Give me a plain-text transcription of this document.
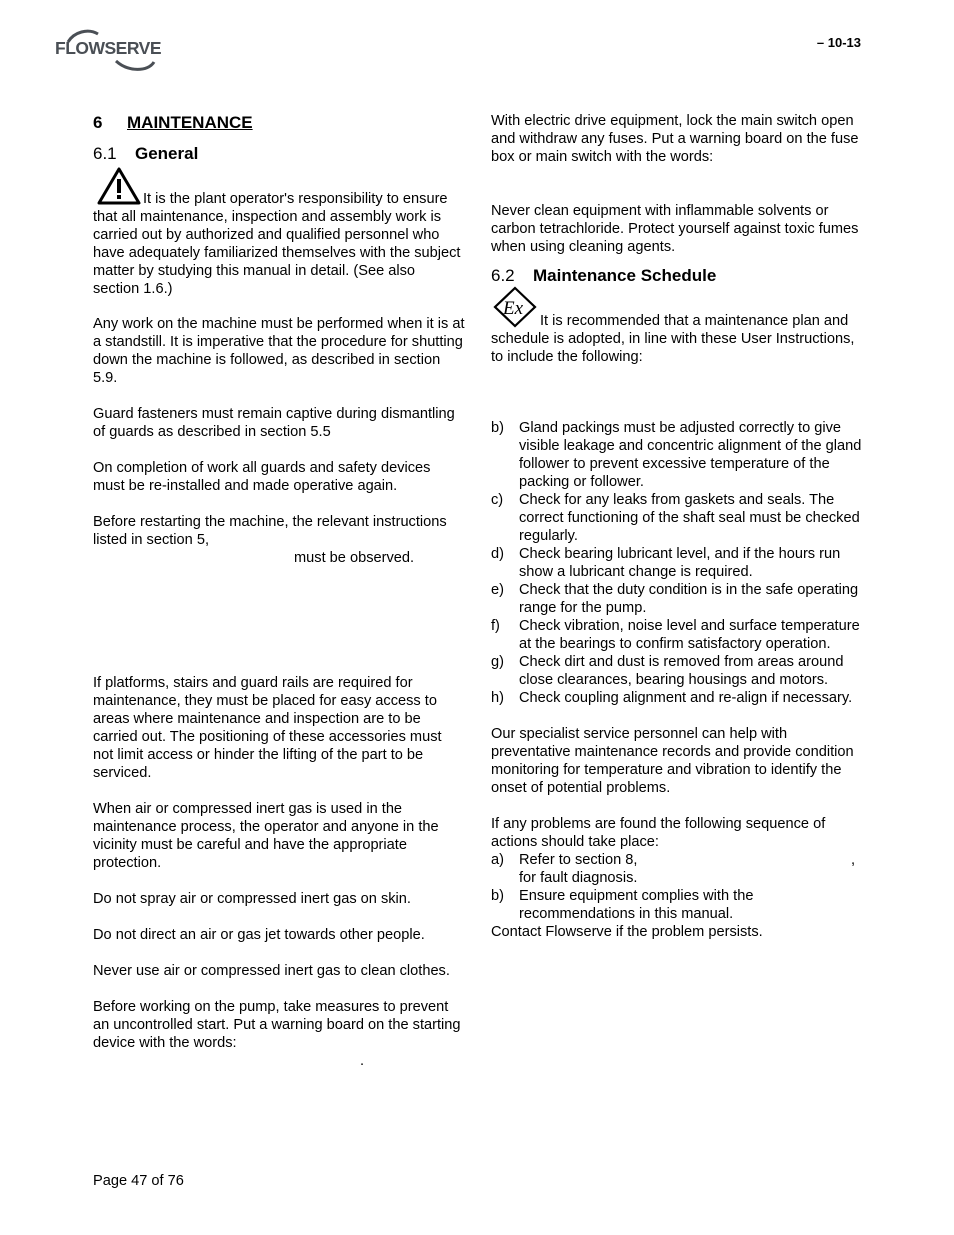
FLOWSERVE	– 10-13
6 MAINTENANCE
6.1 General

It is the plant operator's responsibility to ensure that all maintenance, inspection and assembly work is carried out by authorized and qualified personnel who have adequately familiarized themselves with the subject matter by studying this manual in detail. (See also section 1.6.)

Any work on the machine must be performed when it is at a standstill. It is imperative that the procedure for shutting down the machine is followed, as described in section 5.9.

Guard fasteners must remain captive during dismantling of guards as described in section 5.5

On completion of work all guards and safety devices must be re-installed and made operative again.

Before restarting the machine, the relevant instructions listed in section 5,

must be observed.

If platforms, stairs and guard rails are required for maintenance, they must be placed for easy access to areas where maintenance and inspection are to be carried out. The positioning of these accessories must not limit access or hinder the lifting of the part to be serviced.

When air or compressed inert gas is used in the maintenance process, the operator and anyone in the vicinity must be careful and have the appropriate protection.

Do not spray air or compressed inert gas on skin.

Do not direct an air or gas jet towards other people.

Never use air or compressed inert gas to clean clothes.

Before working on the pump, take measures to prevent an uncontrolled start. Put a warning board on the starting device with the words:

.

With electric drive equipment, lock the main switch open and withdraw any fuses. Put a warning board on the fuse box or main switch with the words:

Never clean equipment with inflammable solvents or carbon tetrachloride. Protect yourself against toxic fumes when using cleaning agents.

6.2 Maintenance Schedule
Ex

It is recommended that a maintenance plan and schedule is adopted, in line with these User Instructions, to include the following:

b) Gland packings must be adjusted correctly to give visible leakage and concentric alignment of the gland follower to prevent excessive temperature of the packing or follower.
c) Check for any leaks from gaskets and seals. The correct functioning of the shaft seal must be checked regularly.
d) Check bearing lubricant level, and if the hours run show a lubricant change is required.
e) Check that the duty condition is in the safe operating range for the pump.
f) Check vibration, noise level and surface temperature at the bearings to confirm satisfactory operation.
g) Check dirt and dust is removed from areas around close clearances, bearing housings and motors.
h) Check coupling alignment and re-align if necessary.

Our specialist service personnel can help with preventative maintenance records and provide condition monitoring for temperature and vibration to identify the onset of potential problems.

If any problems are found the following sequence of actions should take place:

a) Refer to section 8,	,
for fault diagnosis.
b) Ensure equipment complies with the recommendations in this manual.

Contact Flowserve if the problem persists.

Page 47 of 76
